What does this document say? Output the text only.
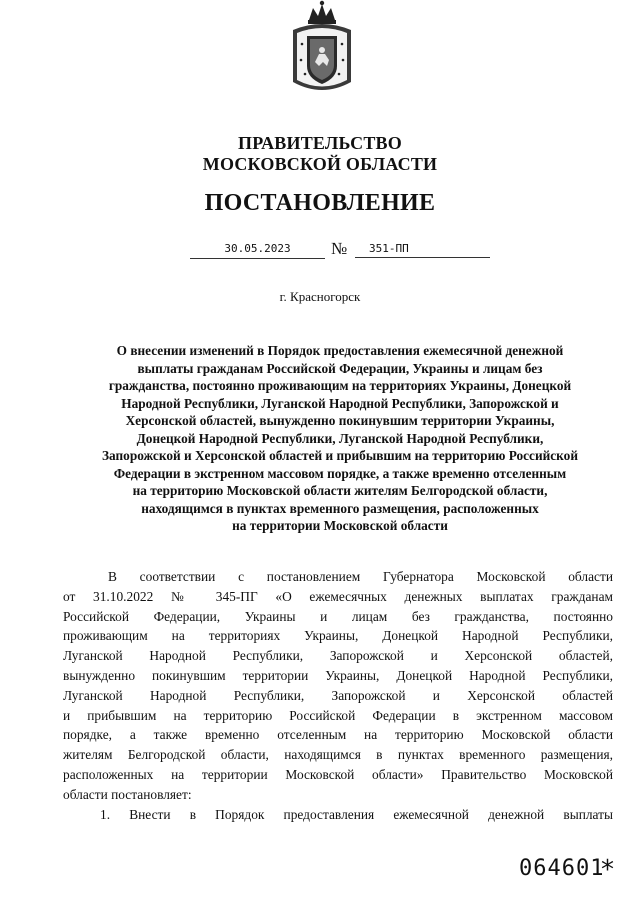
ПРАВИТЕЛЬСТВО
МОСКОВСКОЙ ОБЛАСТИ
ПОСТАНОВЛЕНИЕ
30.05.2023	№	351-ПП
г. Красногорск
О внесении изменений в Порядок предоставления ежемесячной денежной
выплаты гражданам Российской Федерации, Украины и лицам без
гражданства, постоянно проживающим на территориях Украины, Донецкой
Народной Республики, Луганской Народной Республики, Запорожской и
Херсонской областей, вынужденно покинувшим территории Украины,
Донецкой Народной Республики, Луганской Народной Республики,
Запорожской и Херсонской областей и прибывшим на территорию Российской
Федерации в экстренном массовом порядке, а также временно отселенным
на территорию Московской области жителям Белгородской области,
находящимся в пунктах временного размещения, расположенных
на территории Московской области
В соответствии с постановлением Губернатора Московской области
от 31.10.2022 № 345-ПГ «О ежемесячных денежных выплатах гражданам
Российской Федерации, Украины и лицам без гражданства, постоянно
проживающим на территориях Украины, Донецкой Народной Республики,
Луганской Народной Республики, Запорожской и Херсонской областей,
вынужденно покинувшим территории Украины, Донецкой Народной Республики,
Луганской Народной Республики, Запорожской и Херсонской областей
и прибывшим на территорию Российской Федерации в экстренном массовом
порядке, а также временно отселенным на территорию Московской области
жителям Белгородской области, находящимся в пунктах временного размещения,
расположенных на территории Московской области» Правительство Московской
области постановляет:
1. Внести в Порядок предоставления ежемесячной денежной выплаты
064601
*
